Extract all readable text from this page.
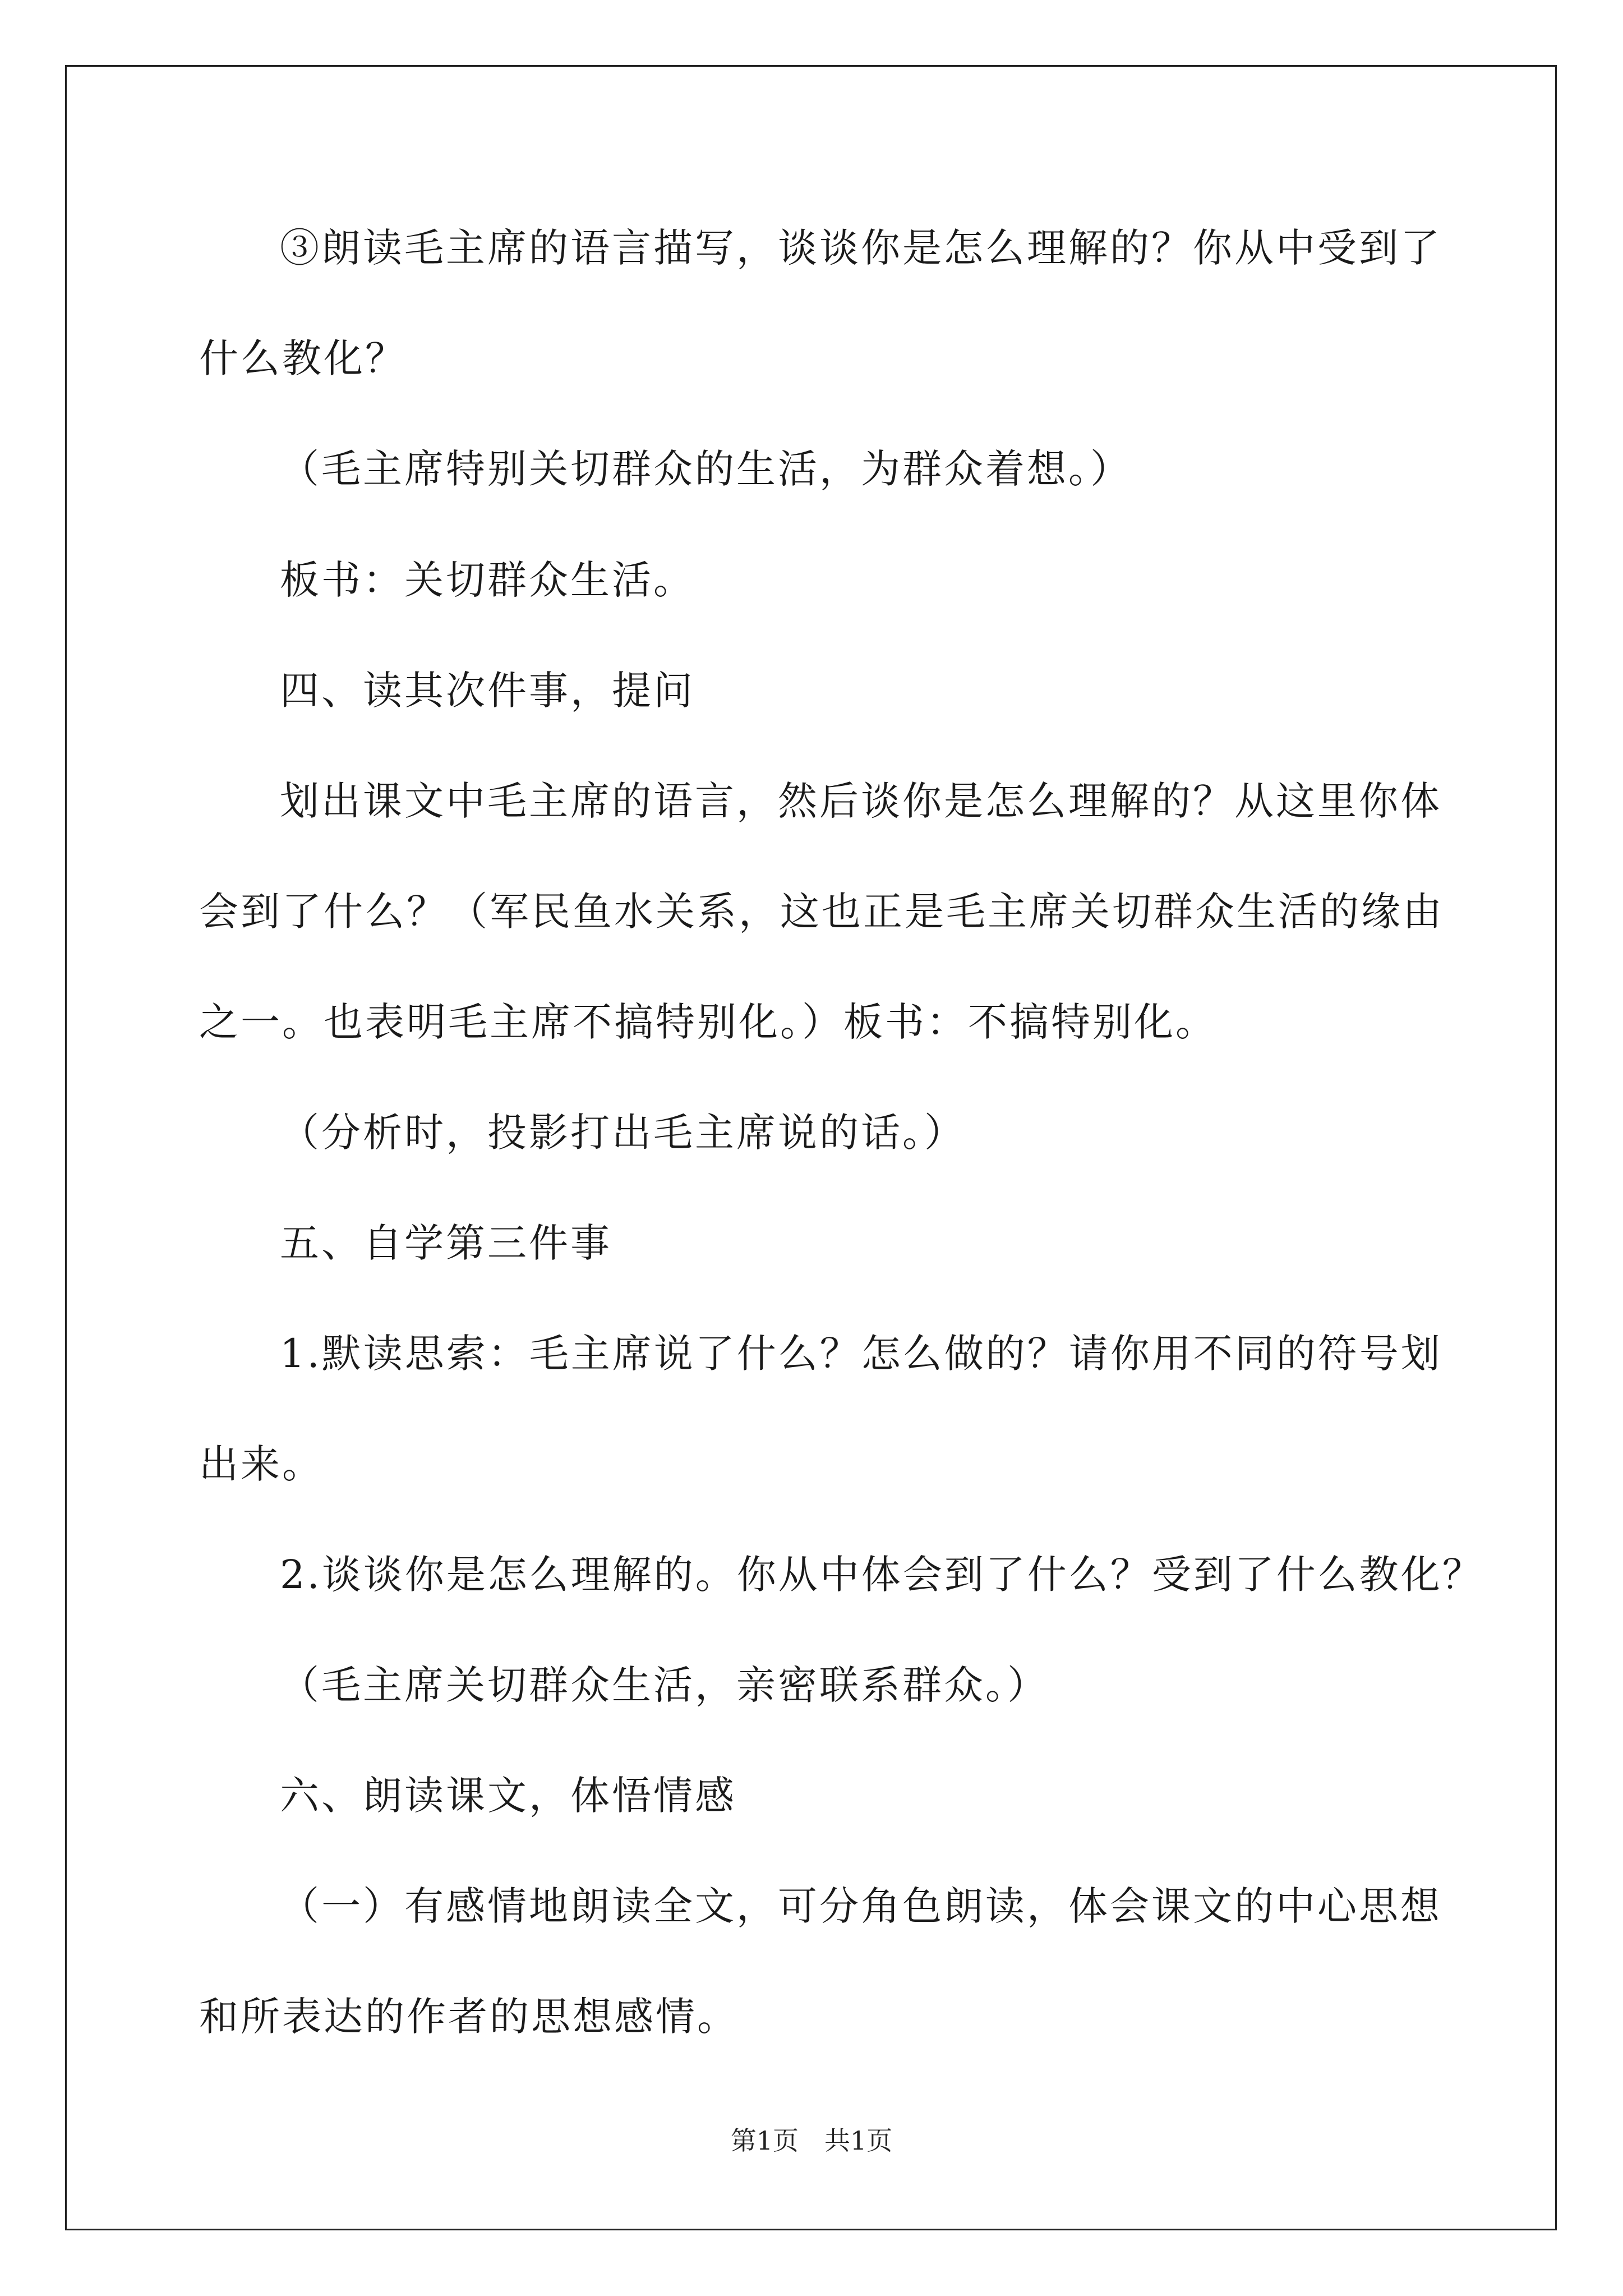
③朗读毛主席的语言描写，谈谈你是怎么理解的？你从中受到了
什么教化？
（毛主席特别关切群众的生活，为群众着想。）
板书：关切群众生活。
四、读其次件事，提问
划出课文中毛主席的语言，然后谈你是怎么理解的？从这里你体
会到了什么？（军民鱼水关系，这也正是毛主席关切群众生活的缘由
之一。也表明毛主席不搞特别化。）板书：不搞特别化。
（分析时，投影打出毛主席说的话。）
五、自学第三件事
1.默读思索：毛主席说了什么？怎么做的？请你用不同的符号划
出来。
2.谈谈你是怎么理解的。你从中体会到了什么？受到了什么教化？
（毛主席关切群众生活，亲密联系群众。）
六、朗读课文，体悟情感
（一）有感情地朗读全文，可分角色朗读，体会课文的中心思想
和所表达的作者的思想感情。
第1页　共1页
